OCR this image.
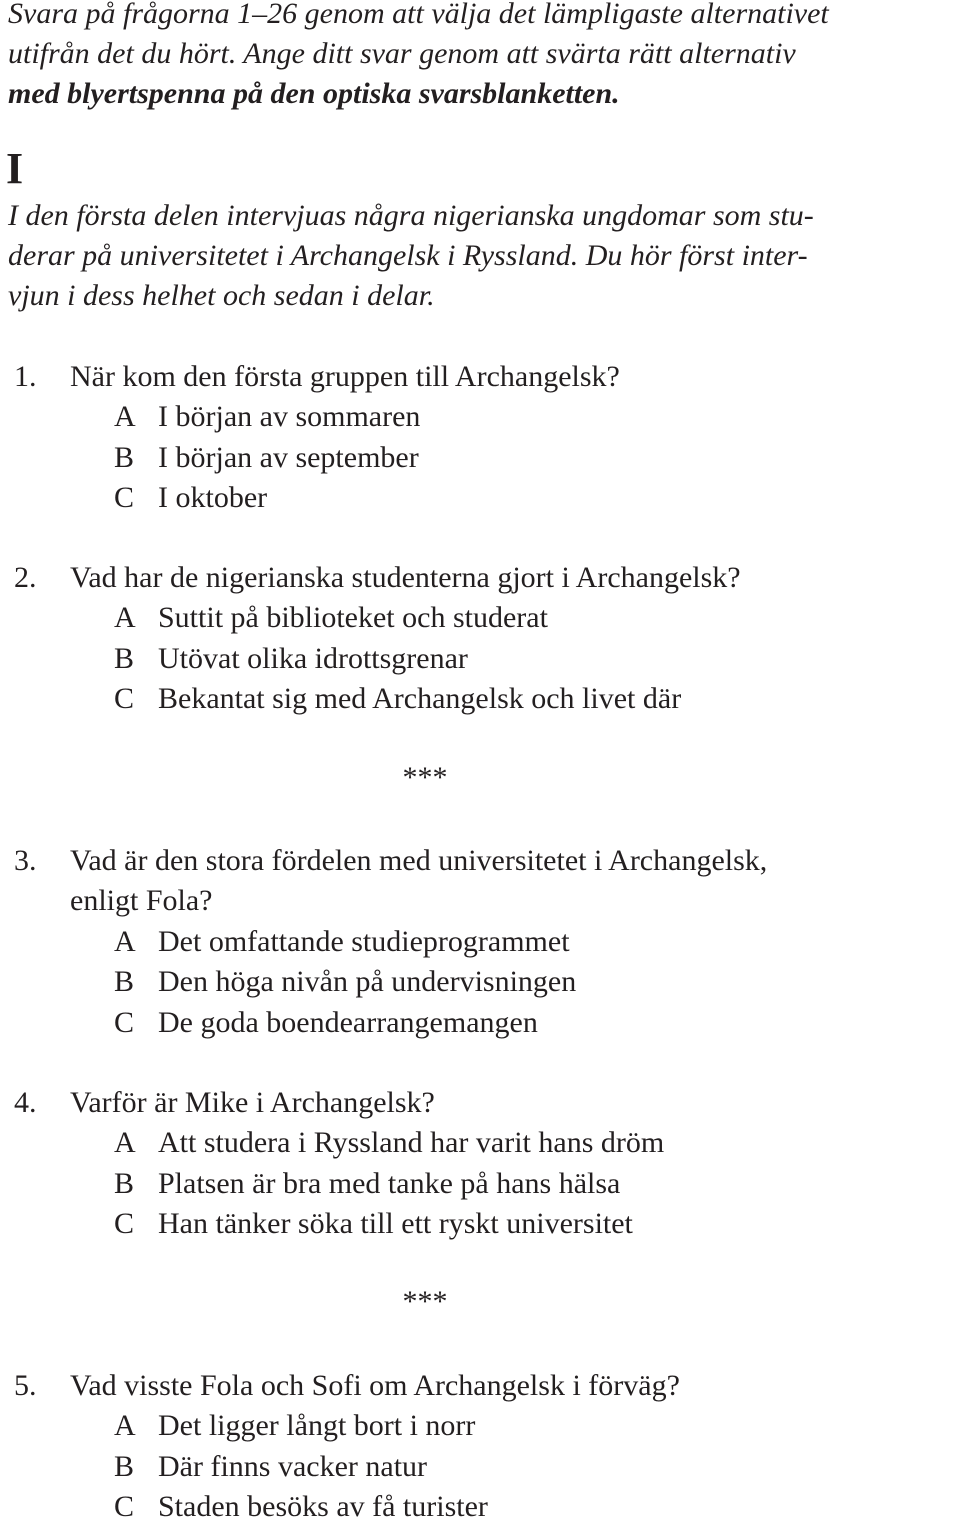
Svara på frågorna 1–26 genom att välja det lämpligaste alternativet
utifrån det du hört. Ange ditt svar genom att svärta rätt alternativ
med blyertspenna på den optiska svarsblanketten.

I

I den första delen intervjuas några nigerianska ungdomar som stu-
derar på universitetet i Archangelsk i Ryssland. Du hör först inter-
vjun i dess helhet och sedan i delar.

1. När kom den första gruppen till Archangelsk?
A I början av sommaren
B I början av september
C I oktober
2. Vad har de nigerianska studenterna gjort i Archangelsk?
A Suttit på biblioteket och studerat
B Utövat olika idrottsgrenar
C Bekantat sig med Archangelsk och livet där
***
3. Vad är den stora fördelen med universitetet i Archangelsk,
enligt Fola?
A Det omfattande studieprogrammet
B Den höga nivån på undervisningen
C De goda boendearrangemangen
4. Varför är Mike i Archangelsk?
A Att studera i Ryssland har varit hans dröm
B Platsen är bra med tanke på hans hälsa
C Han tänker söka till ett ryskt universitet
***
5. Vad visste Fola och Sofi om Archangelsk i förväg?
A Det ligger långt bort i norr
B Där finns vacker natur
C Staden besöks av få turister
